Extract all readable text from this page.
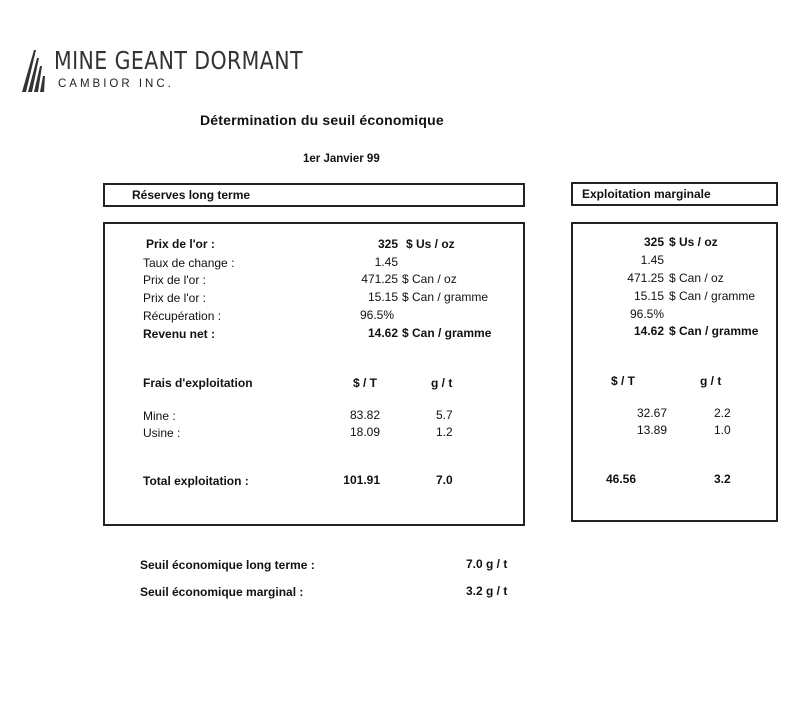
MINE GEANT DORMANT
CAMBIOR INC.
Détermination du seuil économique
1er Janvier 99
Réserves long terme	Exploitation marginale
Prix de l'or :	325 $ Us / oz
Taux de change :	1.45
Prix de l'or :	471.25 $ Can / oz
Prix de l'or :	15.15 $ Can / gramme
Récupération :	96.5%
Revenu net :	14.62 $ Can / gramme
Frais d'exploitation	$ / T	g / t
Mine :	83.82	5.7
Usine :	18.09	1.2
Total exploitation :	101.91	7.0
325 $ Us / oz
1.45
471.25 $ Can / oz
15.15 $ Can / gramme
96.5%
14.62 $ Can / gramme
$ / T	g / t
32.67	2.2
13.89	1.0
46.56	3.2
Seuil économique long terme :	7.0 g / t
Seuil économique marginal :	3.2 g / t
